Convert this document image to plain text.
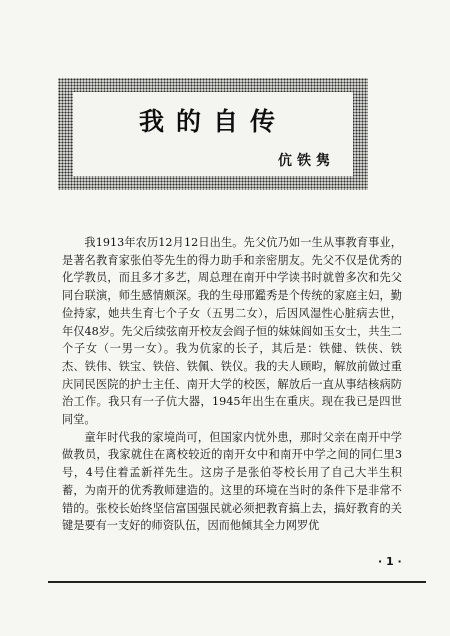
我的自传
伉铁隽

我1913年农历12月12日出生。先父伉乃如一生从事教育事业，是著名教育家张伯苓先生的得力助手和亲密朋友。先父不仅是优秀的化学教员，而且多才多艺，周总理在南开中学读书时就曾多次和先父同台联演，师生感情颇深。我的生母邢鑑秀是个传统的家庭主妇，勤俭持家，她共生育七个子女（五男二女），后因风湿性心脏病去世，年仅48岁。先父后续弦南开校友会阎子恒的妹妹阎如玉女士，共生二个子女（一男一女）。我为伉家的长子，其后是：铁健、铁侠、铁杰、铁伟、铁宝、铁倍、铁佩、铁仪。我的夫人顾畇，解放前做过重庆同民医院的护士主任、南开大学的校医，解放后一直从事结核病防治工作。我只有一子伉大器，1945年出生在重庆。现在我已是四世同堂。

童年时代我的家境尚可，但国家内忧外患，那时父亲在南开中学做教员，我家就住在离校较近的南开女中和南开中学之间的同仁里3号，4号住着孟新祥先生。这房子是张伯苓校长用了自己大半生积蓄，为南开的优秀教师建造的。这里的环境在当时的条件下是非常不错的。张校长始终坚信富国强民就必须把教育搞上去，搞好教育的关键是要有一支好的师资队伍，因而他倾其全力网罗优

· 1 ·
